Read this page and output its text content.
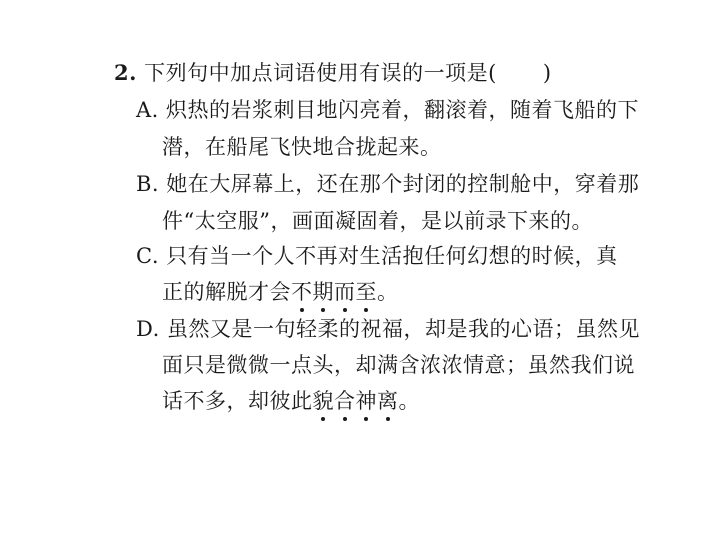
2. 下列句中加点词语使用有误的一项是( )
A. 炽热的岩浆刺目地闪亮着，翻滚着，随着飞船的下
潜，在船尾飞快地合拢起来。
B. 她在大屏幕上，还在那个封闭的控制舱中，穿着那
件“太空服”，画面凝固着，是以前录下来的。
C. 只有当一个人不再对生活抱任何幻想的时候，真
正的解脱才会不期而至。
D. 虽然又是一句轻柔的祝福，却是我的心语；虽然见
面只是微微一点头，却满含浓浓情意；虽然我们说
话不多，却彼此貌合神离。
